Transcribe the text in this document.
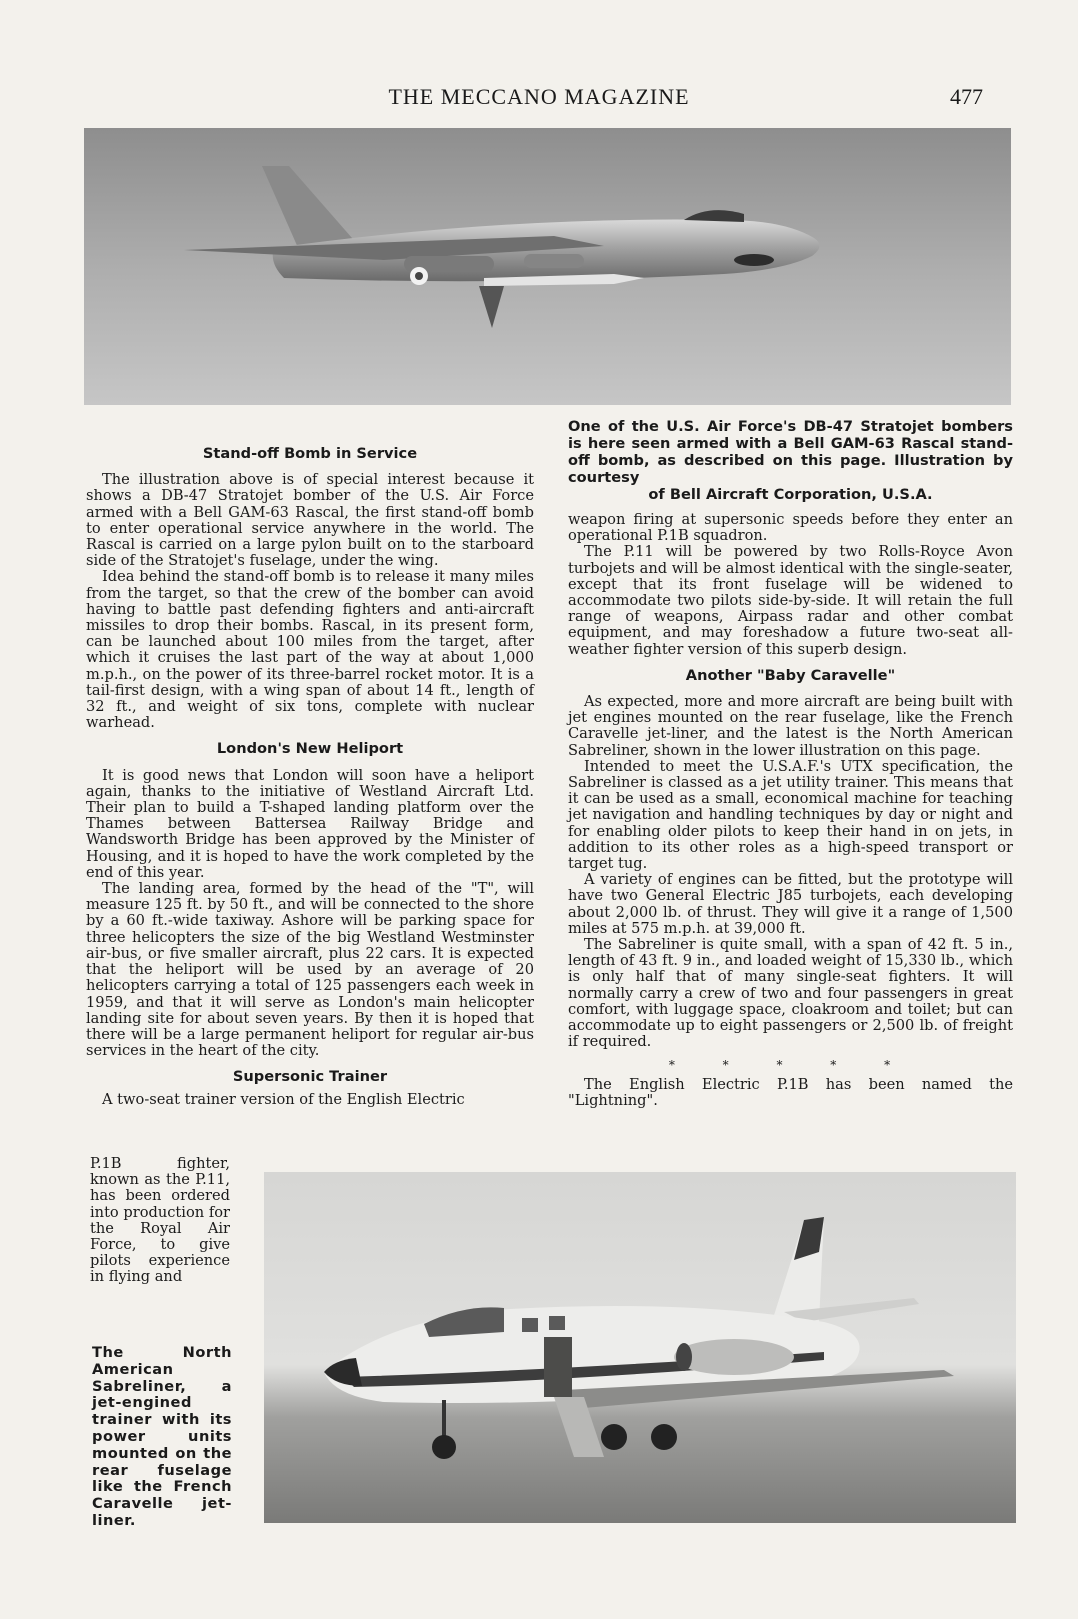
THE MECCANO MAGAZINE	477
One of the U.S. Air Force's DB-47 Stratojet bombers is here seen armed with a Bell GAM-63 Rascal stand-off bomb, as described on this page. Illustration by courtesy
of Bell Aircraft Corporation, U.S.A.
Stand-off Bomb in Service

The illustration above is of special interest because it shows a DB-47 Stratojet bomber of the U.S. Air Force armed with a Bell GAM-63 Rascal, the first stand-off bomb to enter operational service anywhere in the world. The Rascal is carried on a large pylon built on to the starboard side of the Stratojet's fuselage, under the wing.

Idea behind the stand-off bomb is to release it many miles from the target, so that the crew of the bomber can avoid having to battle past defending fighters and anti-aircraft missiles to drop their bombs. Rascal, in its present form, can be launched about 100 miles from the target, after which it cruises the last part of the way at about 1,000 m.p.h., on the power of its three-barrel rocket motor. It is a tail-first design, with a wing span of about 14 ft., length of 32 ft., and weight of six tons, complete with nuclear warhead.

London's New Heliport

It is good news that London will soon have a heliport again, thanks to the initiative of Westland Aircraft Ltd. Their plan to build a T-shaped landing platform over the Thames between Battersea Railway Bridge and Wandsworth Bridge has been approved by the Minister of Housing, and it is hoped to have the work completed by the end of this year.

The landing area, formed by the head of the "T", will measure 125 ft. by 50 ft., and will be connected to the shore by a 60 ft.-wide taxiway. Ashore will be parking space for three helicopters the size of the big Westland Westminster air-bus, or five smaller aircraft, plus 22 cars. It is expected that the heliport will be used by an average of 20 helicopters carrying a total of 125 passengers each week in 1959, and that it will serve as London's main helicopter landing site for about seven years. By then it is hoped that there will be a large permanent heliport for regular air-bus services in the heart of the city.

Supersonic Trainer

A two-seat trainer version of the English Electric

P.1B fighter, known as the P.11, has been ordered into production for the Royal Air Force, to give pilots experience in flying and

weapon firing at supersonic speeds before they enter an operational P.1B squadron.

The P.11 will be powered by two Rolls-Royce Avon turbojets and will be almost identical with the single-seater, except that its front fuselage will be widened to accommodate two pilots side-by-side. It will retain the full range of weapons, Airpass radar and other combat equipment, and may foreshadow a future two-seat all-weather fighter version of this superb design.

Another "Baby Caravelle"

As expected, more and more aircraft are being built with jet engines mounted on the rear fuselage, like the French Caravelle jet-liner, and the latest is the North American Sabreliner, shown in the lower illustration on this page.

Intended to meet the U.S.A.F.'s UTX specification, the Sabreliner is classed as a jet utility trainer. This means that it can be used as a small, economical machine for teaching jet navigation and handling techniques by day or night and for enabling older pilots to keep their hand in on jets, in addition to its other roles as a high-speed transport or target tug.

A variety of engines can be fitted, but the prototype will have two General Electric J85 turbojets, each developing about 2,000 lb. of thrust. They will give it a range of 1,500 miles at 575 m.p.h. at 39,000 ft.

The Sabreliner is quite small, with a span of 42 ft. 5 in., length of 43 ft. 9 in., and loaded weight of 15,330 lb., which is only half that of many single-seat fighters. It will normally carry a crew of two and four passengers in great comfort, with luggage space, cloakroom and toilet; but can accommodate up to eight passengers or 2,500 lb. of freight if required.

* * * * *

The English Electric P.1B has been named the "Lightning".

The North American Sabreliner, a jet-engined trainer with its power units mounted on the rear fuselage like the French Caravelle jet-liner.
